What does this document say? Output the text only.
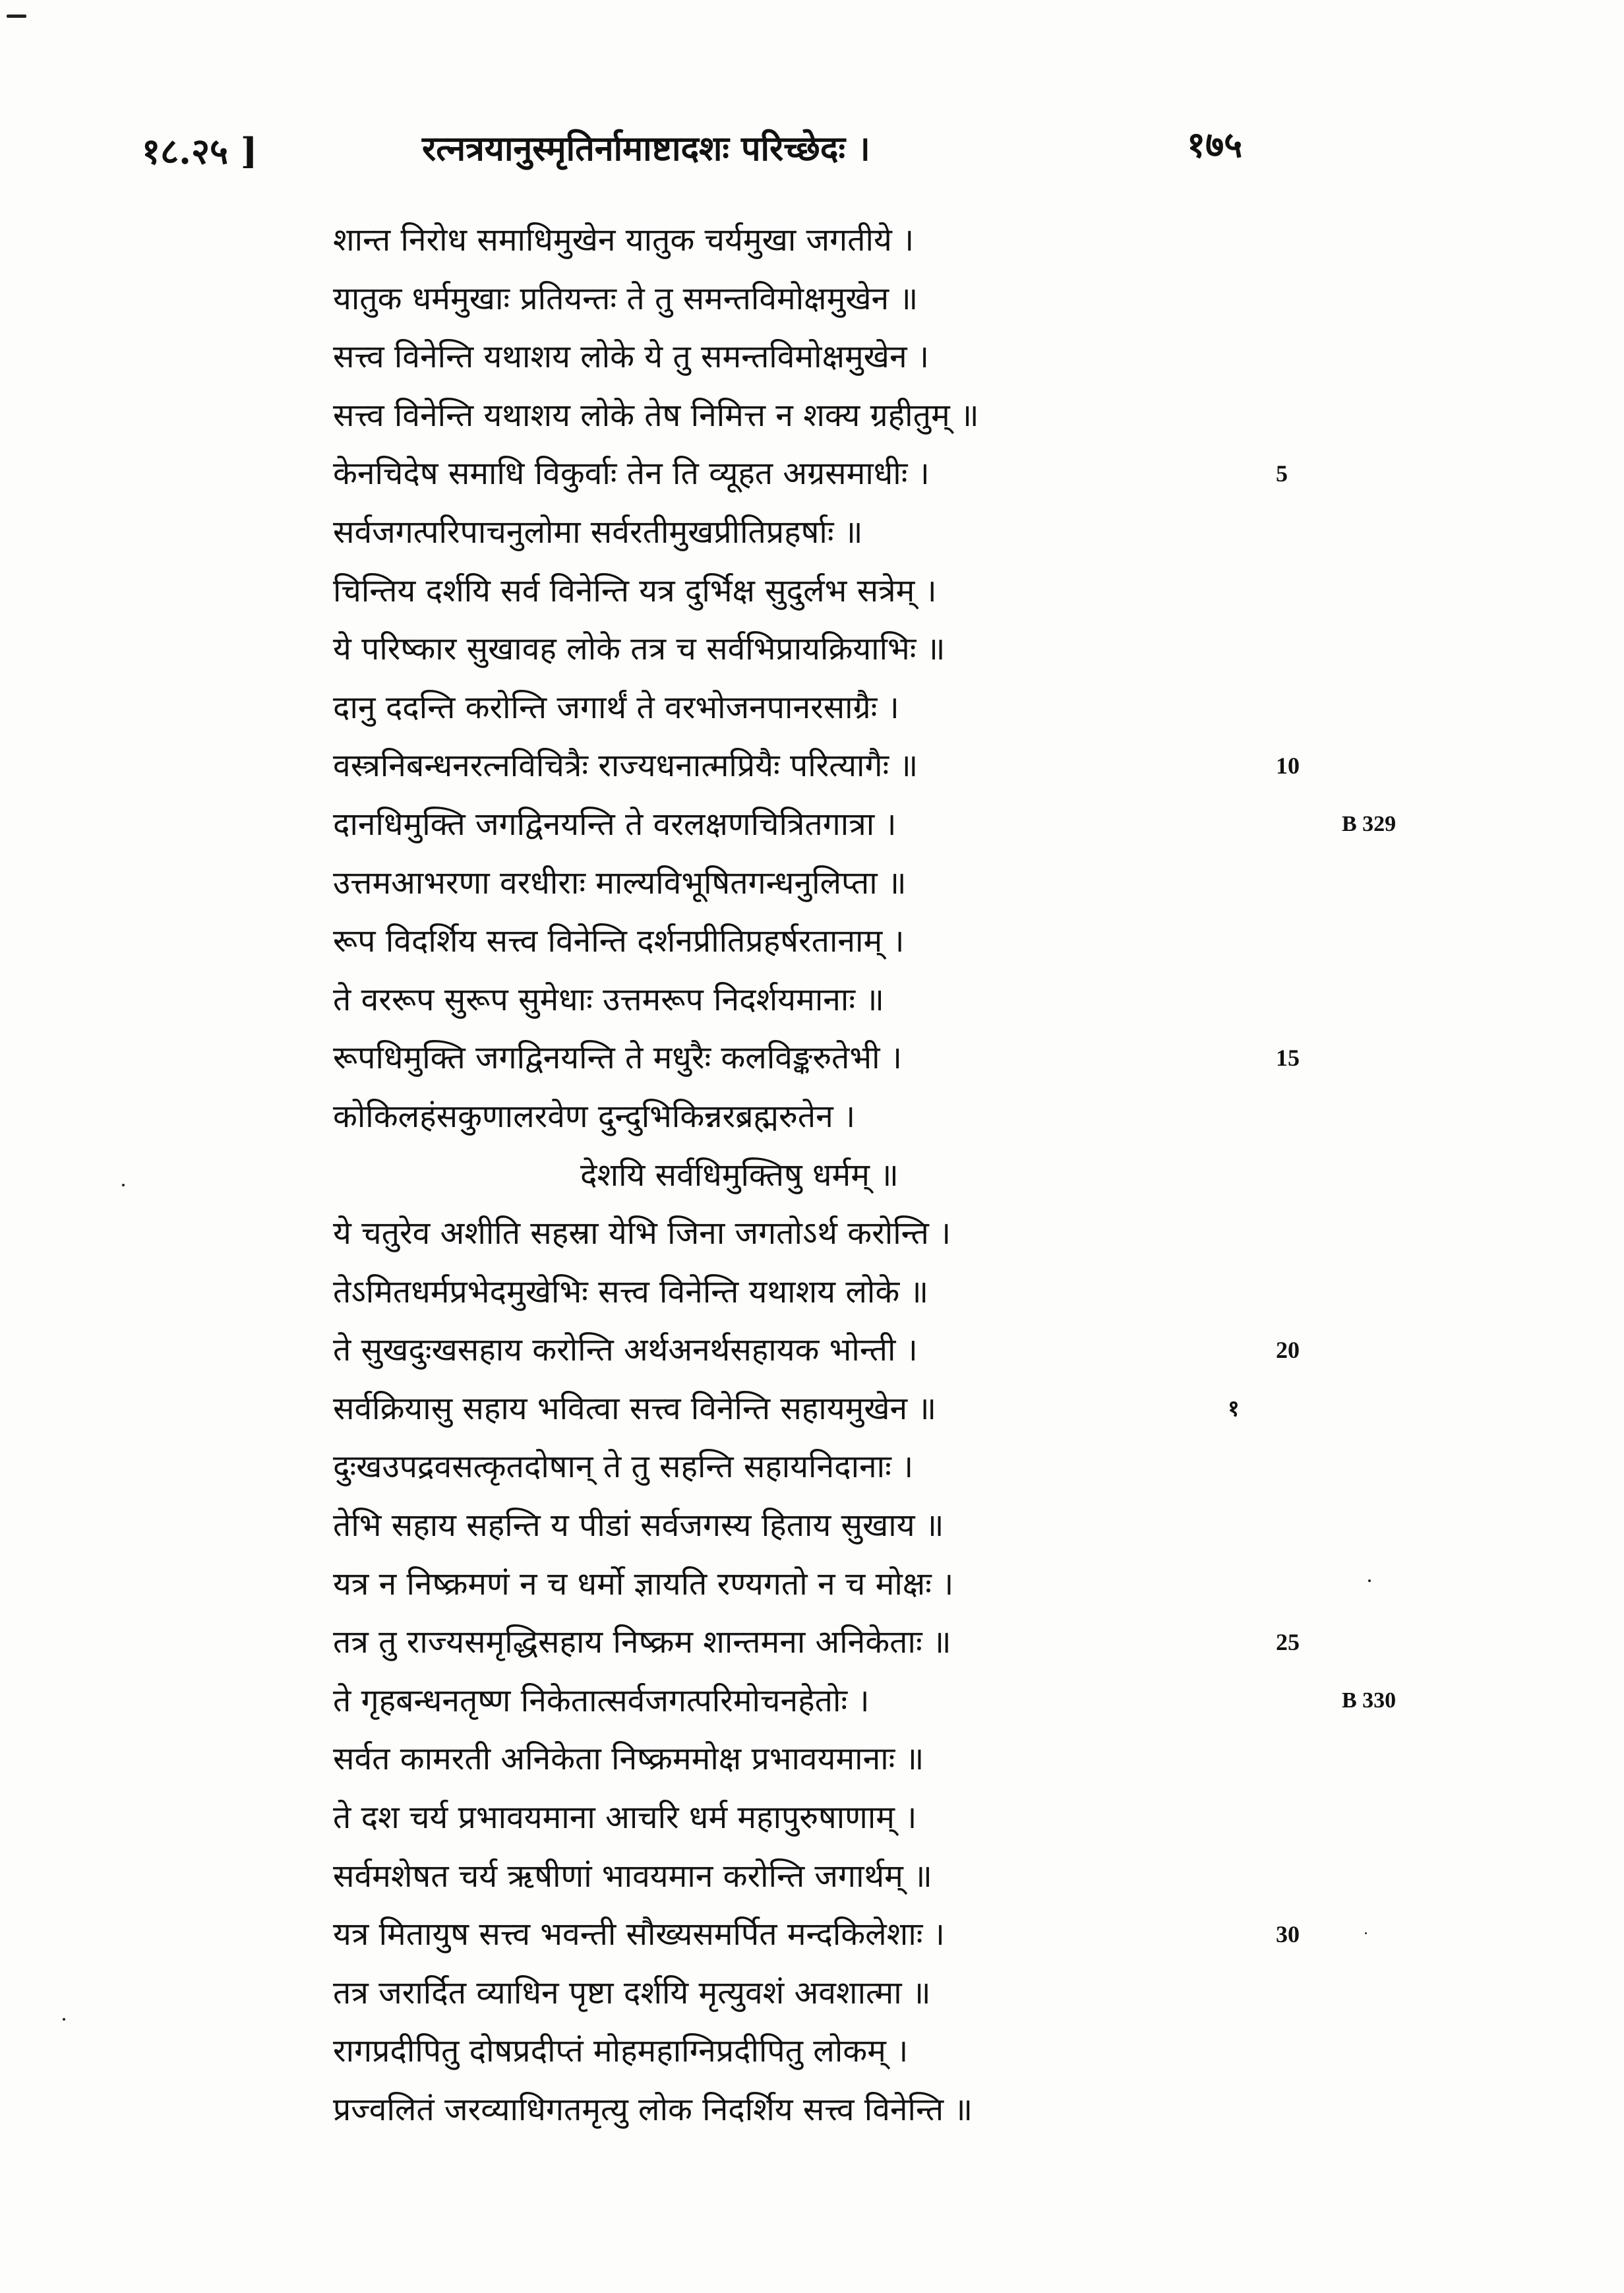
१८.२५ ]	रत्नत्रयानुस्मृतिर्नामाष्टादशः परिच्छेदः ।	१७५
शान्त निरोध समाधिमुखेन यातुक चर्यमुखा जगतीये ।
यातुक धर्ममुखाः प्रतियन्तः ते तु समन्तविमोक्षमुखेन ॥
सत्त्व विनेन्ति यथाशय लोके ये तु समन्तविमोक्षमुखेन ।
सत्त्व विनेन्ति यथाशय लोके तेष निमित्त न शक्य ग्रहीतुम् ॥
केनचिदेष समाधि विकुर्वाः तेन ति व्यूहत अग्रसमाधीः ।	5
सर्वजगत्परिपाचनुलोमा सर्वरतीमुखप्रीतिप्रहर्षाः ॥
चिन्तिय दर्शयि सर्व विनेन्ति यत्र दुर्भिक्ष सुदुर्लभ सत्रेम् ।
ये परिष्कार सुखावह लोके तत्र च सर्वभिप्रायक्रियाभिः ॥
दानु ददन्ति करोन्ति जगार्थं ते वरभोजनपानरसाग्रैः ।
वस्त्रनिबन्धनरत्नविचित्रैः राज्यधनात्मप्रियैः परित्यागैः ॥	10
दानधिमुक्ति जगद्विनयन्ति ते वरलक्षणचित्रितगात्रा ।	B 329
उत्तमआभरणा वरधीराः माल्यविभूषितगन्धनुलिप्ता ॥
रूप विदर्शिय सत्त्व विनेन्ति दर्शनप्रीतिप्रहर्षरतानाम् ।
ते वररूप सुरूप सुमेधाः उत्तमरूप निदर्शयमानाः ॥
रूपधिमुक्ति जगद्विनयन्ति ते मधुरैः कलविङ्करुतेभी ।	15
कोकिलहंसकुणालरवेण दुन्दुभिकिन्नरब्रह्मरुतेन ।
देशयि सर्वधिमुक्तिषु धर्मम् ॥
ये चतुरेव अशीति सहस्रा येभि जिना जगतोऽर्थ करोन्ति ।
तेऽमितधर्मप्रभेदमुखेभिः सत्त्व विनेन्ति यथाशय लोके ॥
ते सुखदुःखसहाय करोन्ति अर्थअनर्थसहायक भोन्ती ।	20
सर्वक्रियासु सहाय भवित्वा सत्त्व विनेन्ति सहायमुखेन ॥	१
दुःखउपद्रवसत्कृतदोषान् ते तु सहन्ति सहायनिदानाः ।
तेभि सहाय सहन्ति य पीडां सर्वजगस्य हिताय सुखाय ॥
यत्र न निष्क्रमणं न च धर्मो ज्ञायति रण्यगतो न च मोक्षः ।
तत्र तु राज्यसमृद्धिसहाय निष्क्रम शान्तमना अनिकेताः ॥	25
ते गृहबन्धनतृष्ण निकेतात्सर्वजगत्परिमोचनहेतोः ।	B 330
सर्वत कामरती अनिकेता निष्क्रममोक्ष प्रभावयमानाः ॥
ते दश चर्य प्रभावयमाना आचरि धर्म महापुरुषाणाम् ।
सर्वमशेषत चर्य ऋषीणां भावयमान करोन्ति जगार्थम् ॥
यत्र मितायुष सत्त्व भवन्ती सौख्यसमर्पित मन्दकिलेशाः ।	30
तत्र जरार्दित व्याधिन पृष्टा दर्शयि मृत्युवशं अवशात्मा ॥
रागप्रदीपितु दोषप्रदीप्तं मोहमहाग्निप्रदीपितु लोकम् ।
प्रज्वलितं जरव्याधिगतमृत्यु लोक निदर्शिय सत्त्व विनेन्ति ॥
